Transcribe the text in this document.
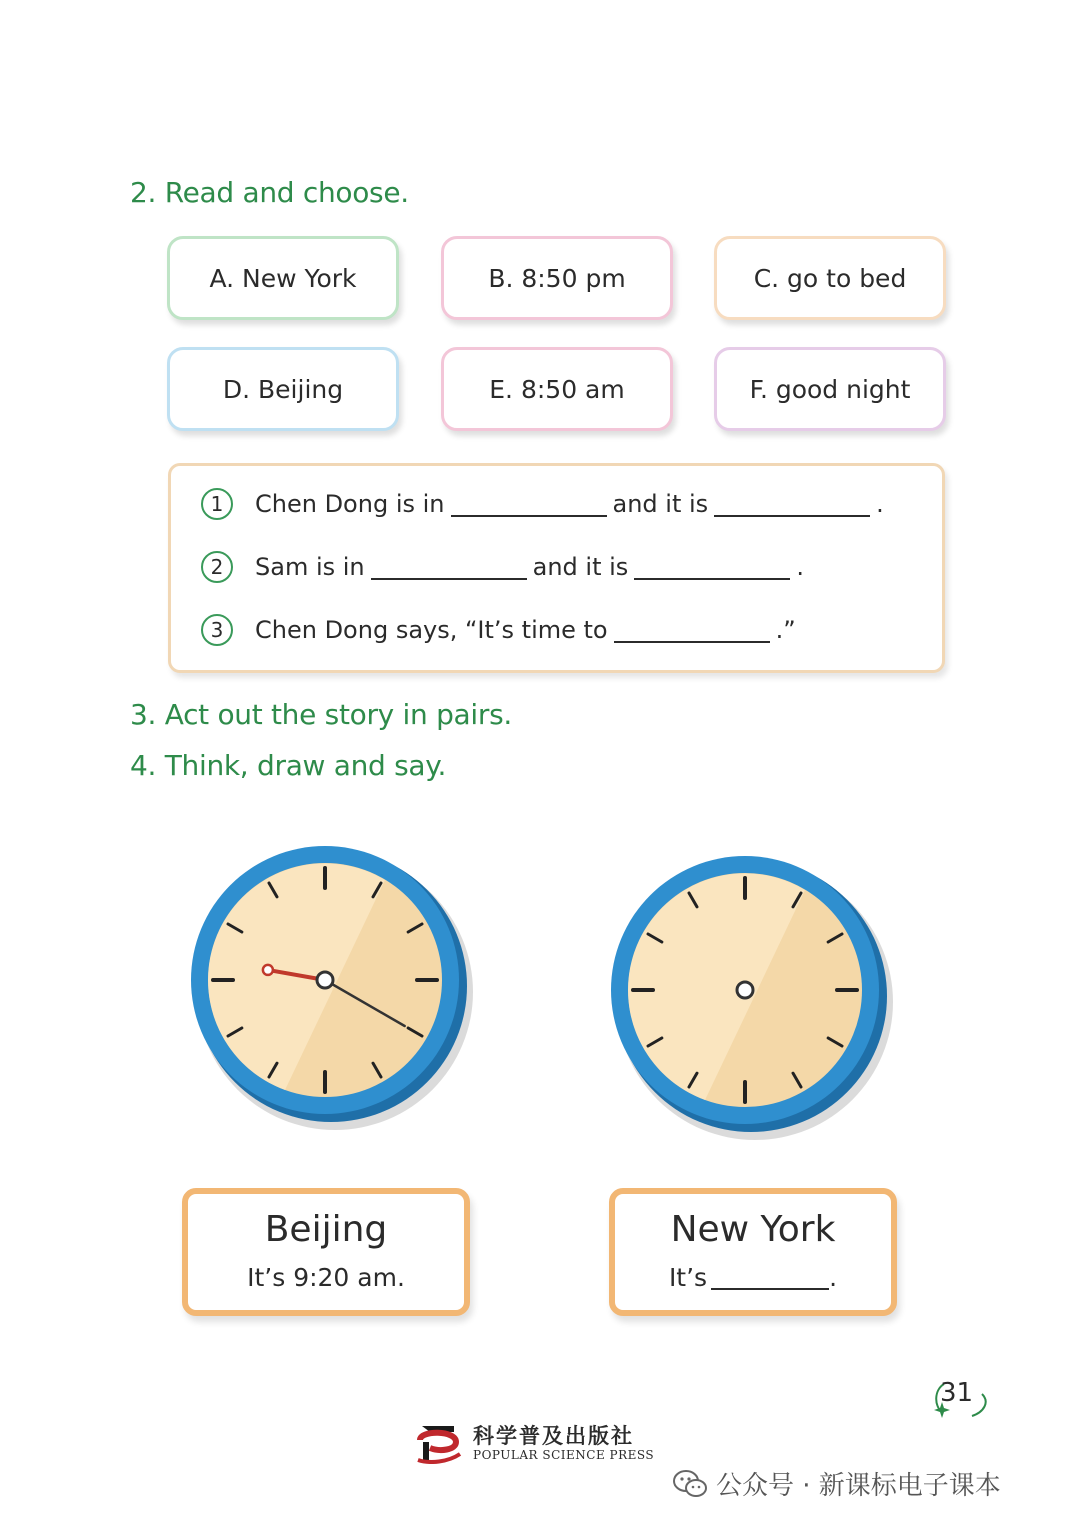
2. Read and choose.
A. New York	B. 8:50 pm	C. go to bed
D. Beijing	E. 8:50 am	F. good night
1	Chen Dong is in	and it is	.
2	Sam is in	and it is	.
3	Chen Dong says, “It’s time to	.”
3. Act out the story in pairs.
4. Think, draw and say.
Beijing
It’s 9:20 am.
New York
It’s	.
31
科学普及出版社
POPULAR SCIENCE PRESS
公众号 · 新课标电子课本
